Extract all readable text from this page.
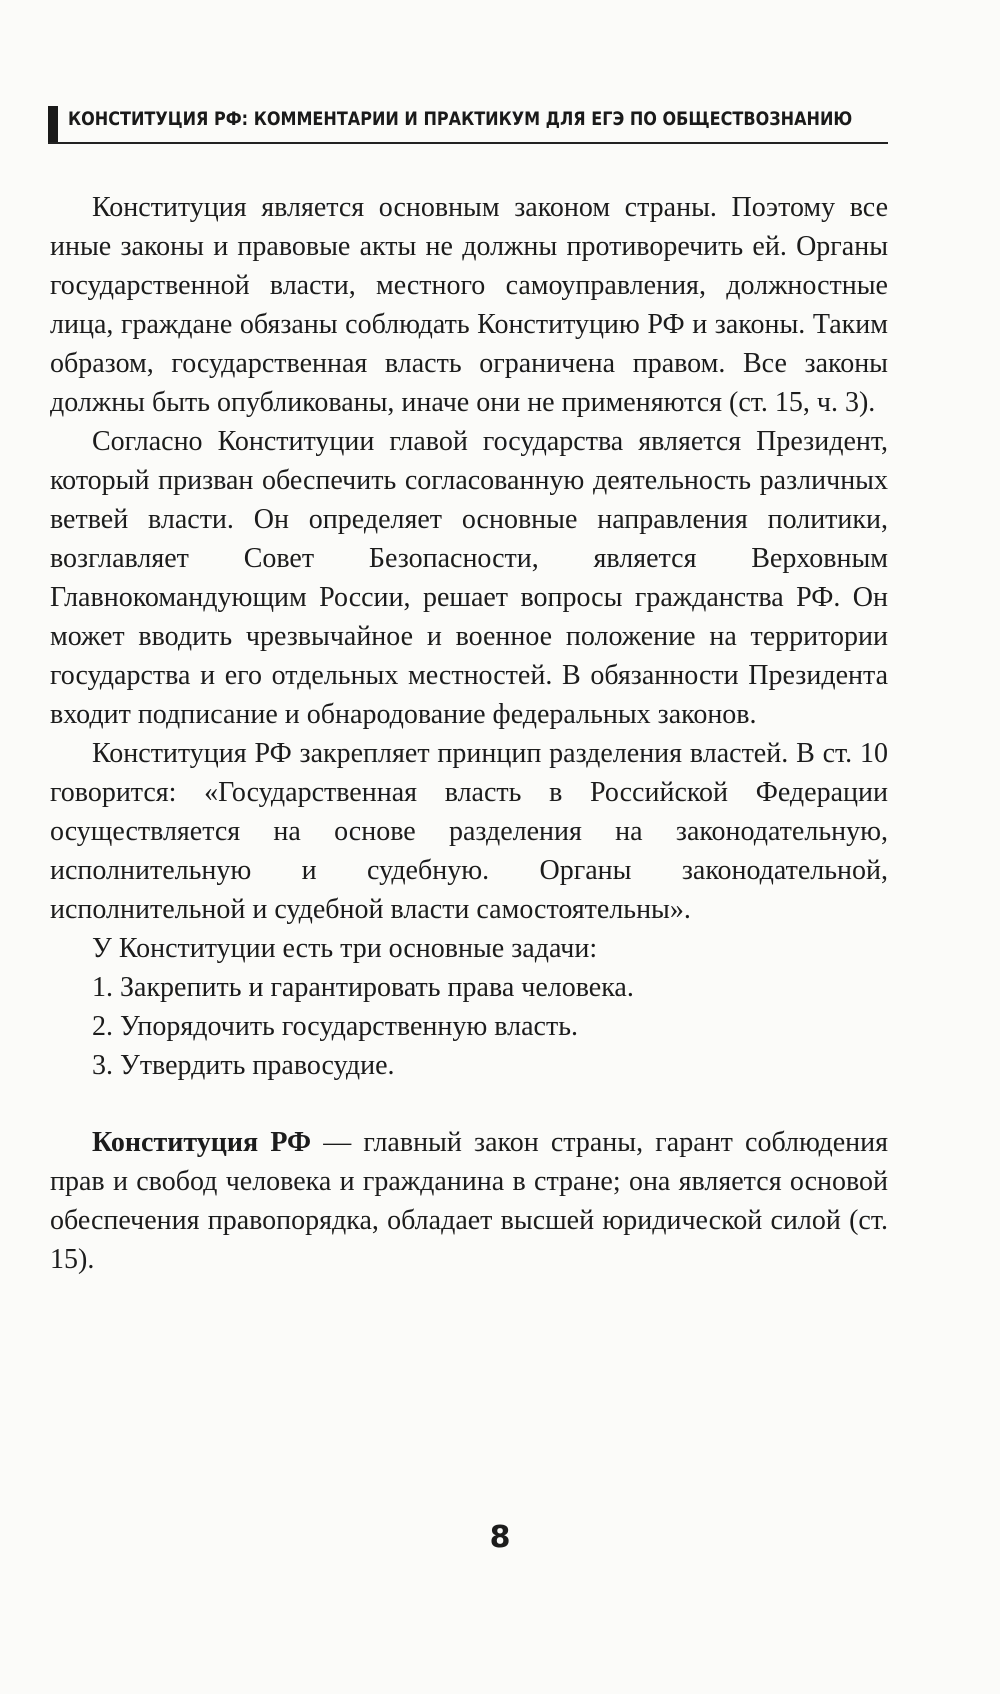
КОНСТИТУЦИЯ РФ: КОММЕНТАРИИ И ПРАКТИКУМ ДЛЯ ЕГЭ ПО ОБЩЕСТВОЗНАНИЮ

Конституция является основным законом страны. Поэтому все иные законы и правовые акты не должны противоречить ей. Органы государственной власти, местного самоуправления, должностные лица, граждане обязаны соблюдать Конституцию РФ и законы. Таким образом, государственная власть ограничена правом. Все законы должны быть опубликованы, иначе они не применяются (ст. 15, ч. 3).

Согласно Конституции главой государства является Президент, который призван обеспечить согласованную деятельность различных ветвей власти. Он определяет основные направления политики, возглавляет Совет Безопасности, является Верховным Главнокомандующим России, решает вопросы гражданства РФ. Он может вводить чрезвычайное и военное положение на территории государства и его отдельных местностей. В обязанности Президента входит подписание и обнародование федеральных законов.

Конституция РФ закрепляет принцип разделения властей. В ст. 10 говорится: «Государственная власть в Российской Федерации осуществляется на основе разделения на законодательную, исполнительную и судебную. Органы законодательной, исполнительной и судебной власти самостоятельны».

У Конституции есть три основные задачи:

1. Закрепить и гарантировать права человека.
2. Упорядочить государственную власть.
3. Утвердить правосудие.

Конституция РФ — главный закон страны, гарант соблюдения прав и свобод человека и гражданина в стране; она является основой обеспечения правопорядка, обладает высшей юридической силой (ст. 15).

8
